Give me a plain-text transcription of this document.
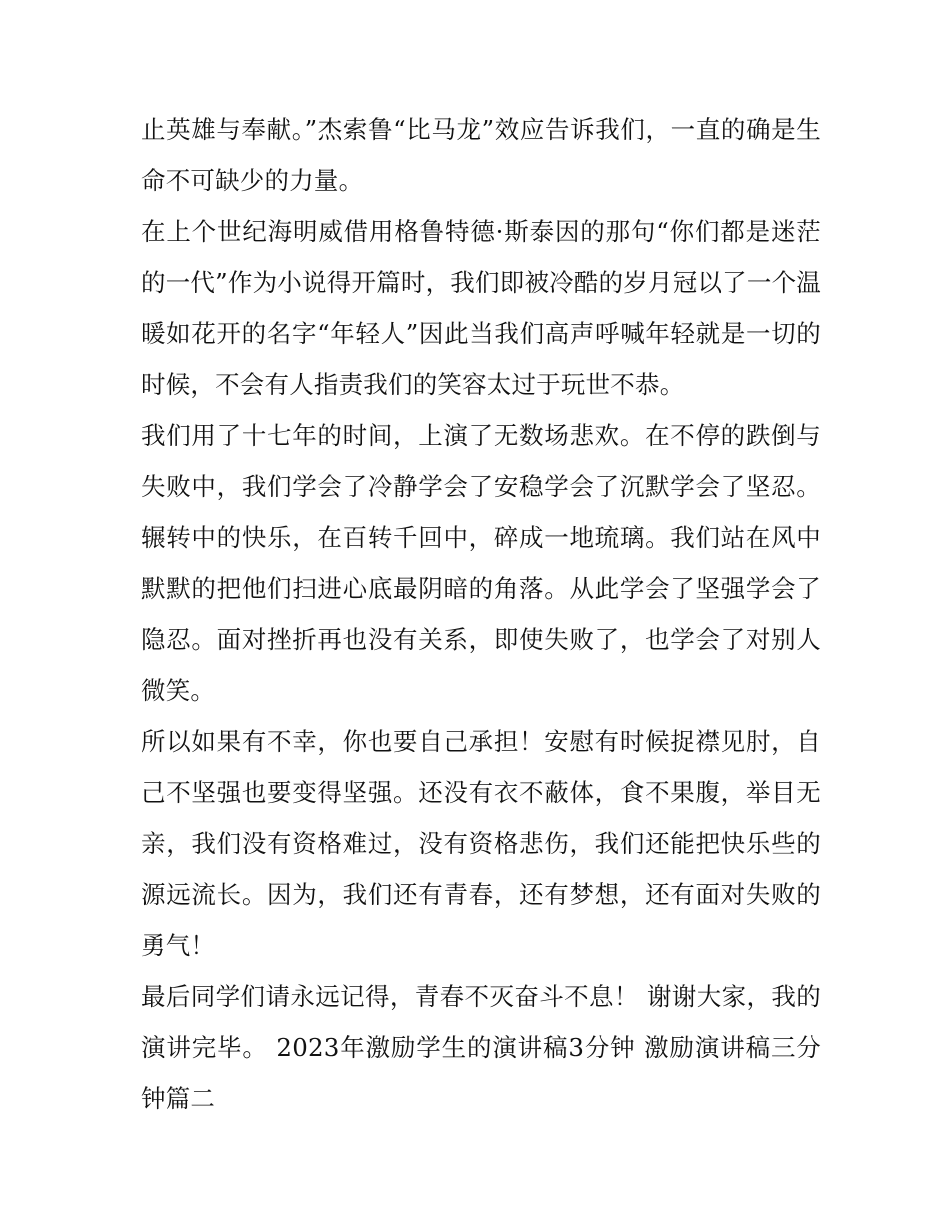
止英雄与奉献。”杰索鲁“比马龙”效应告诉我们，一直的确是生命不可缺少的力量。

在上个世纪海明威借用格鲁特德·斯泰因的那句“你们都是迷茫的一代”作为小说得开篇时，我们即被冷酷的岁月冠以了一个温暖如花开的名字“年轻人”因此当我们高声呼喊年轻就是一切的时候，不会有人指责我们的笑容太过于玩世不恭。

我们用了十七年的时间，上演了无数场悲欢。在不停的跌倒与失败中，我们学会了冷静学会了安稳学会了沉默学会了坚忍。辗转中的快乐，在百转千回中，碎成一地琉璃。我们站在风中默默的把他们扫进心底最阴暗的角落。从此学会了坚强学会了隐忍。面对挫折再也没有关系，即使失败了，也学会了对别人微笑。

所以如果有不幸，你也要自己承担！安慰有时候捉襟见肘，自己不坚强也要变得坚强。还没有衣不蔽体，食不果腹，举目无亲，我们没有资格难过，没有资格悲伤，我们还能把快乐些的源远流长。因为，我们还有青春，还有梦想，还有面对失败的勇气！

最后同学们请永远记得，青春不灭奋斗不息！ 谢谢大家，我的演讲完毕。 2023年激励学生的演讲稿3分钟 激励演讲稿三分钟篇二
